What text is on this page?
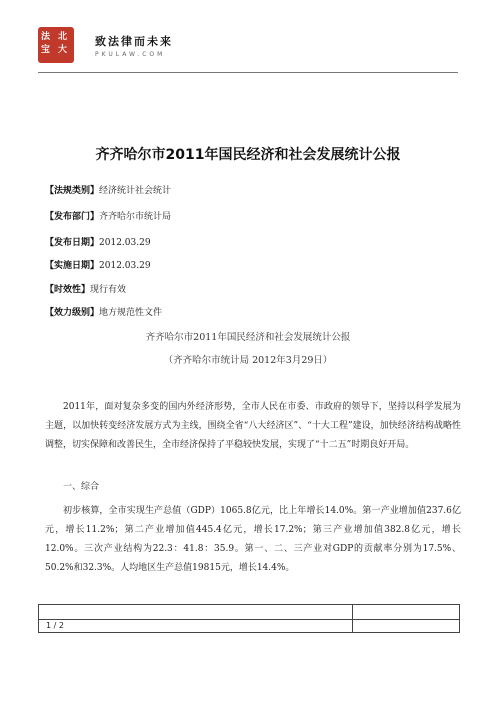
法
宝
北
大
致法律而未来
PKULAW.COM
齐齐哈尔市2011年国民经济和社会发展统计公报
【法规类别】经济统计社会统计
【发布部门】齐齐哈尔市统计局
【发布日期】2012.03.29
【实施日期】2012.03.29
【时效性】现行有效
【效力级别】地方规范性文件
齐齐哈尔市2011年国民经济和社会发展统计公报
（齐齐哈尔市统计局 2012年3月29日）
2011年，面对复杂多变的国内外经济形势，全市人民在市委、市政府的领导下，坚持以科学发展为主题，以加快转变经济发展方式为主线，围绕全省“八大经济区”、“十大工程”建设，加快经济结构战略性调整，切实保障和改善民生，全市经济保持了平稳较快发展，实现了“十二五”时期良好开局。
一、综合
初步核算，全市实现生产总值（GDP）1065.8亿元，比上年增长14.0%。第一产业增加值237.6亿元，增长11.2%；第二产业增加值445.4亿元，增长17.2%；第三产业增加值382.8亿元，增长12.0%。三次产业结构为22.3：41.8：35.9。第一、二、三产业对GDP的贡献率分别为17.5%、50.2%和32.3%。人均地区生产总值19815元，增长14.4%。
1 / 2
